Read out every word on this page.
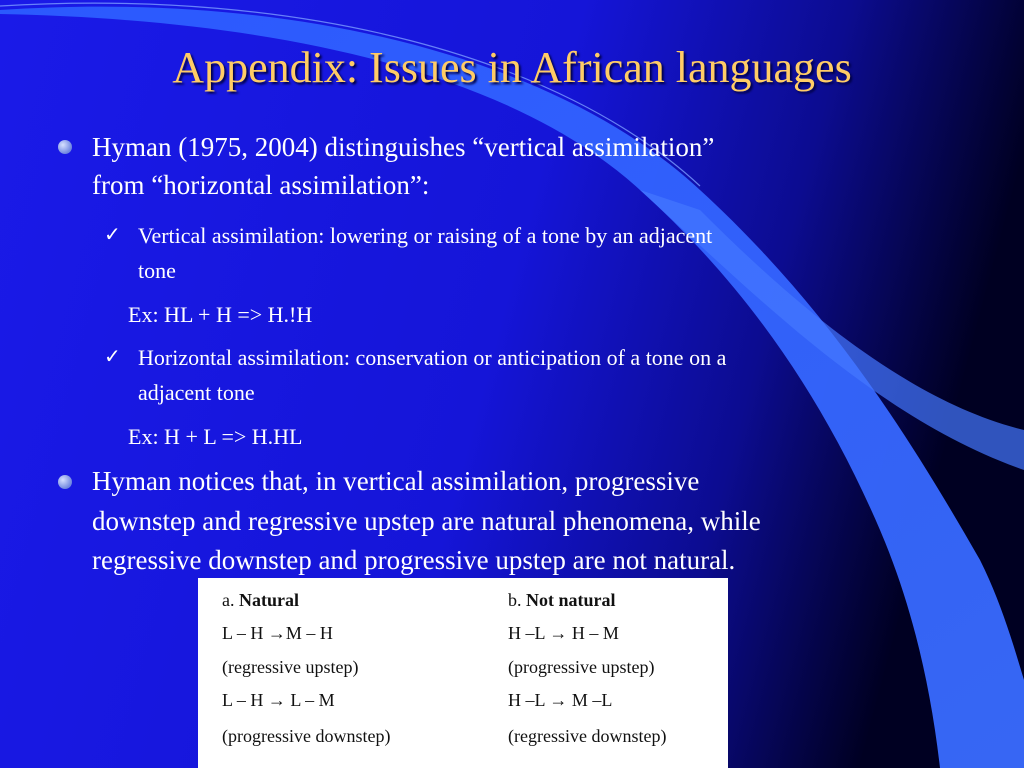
Appendix: Issues in African languages
Hyman (1975, 2004) distinguishes “vertical assimilation”
from “horizontal assimilation”:
✓ Vertical assimilation: lowering or raising of a tone by an adjacent
tone
Ex: HL + H => H.!H
✓ Horizontal assimilation: conservation or anticipation of a tone on a
adjacent tone
Ex: H + L => H.HL
Hyman notices that, in vertical assimilation, progressive
downstep and regressive upstep are natural phenomena, while
regressive downstep and progressive upstep are not natural.
a. Natural
L – H →M – H
(regressive upstep)
L – H → L – M
(progressive downstep)
b. Not natural
H –L → H – M
(progressive upstep)
H –L → M –L
(regressive downstep)
